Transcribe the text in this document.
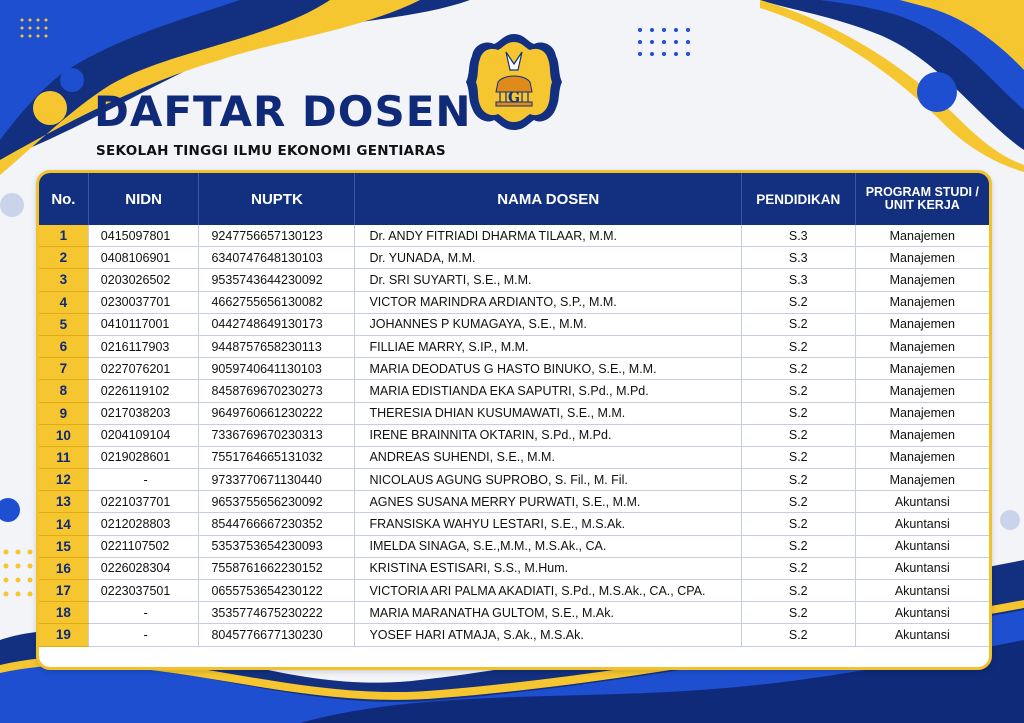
G
DAFTAR DOSEN

SEKOLAH TINGGI ILMU EKONOMI GENTIARAS

No.	NIDN	NUPTK	NAMA DOSEN	PENDIDIKAN	PROGRAM STUDI / UNIT KERJA
1	0415097801	9247756657130123	Dr. ANDY FITRIADI DHARMA TILAAR, M.M.	S.3	Manajemen
2	0408106901	6340747648130103	Dr. YUNADA, M.M.	S.3	Manajemen
3	0203026502	9535743644230092	Dr. SRI SUYARTI, S.E., M.M.	S.3	Manajemen
4	0230037701	4662755656130082	VICTOR MARINDRA ARDIANTO, S.P., M.M.	S.2	Manajemen
5	0410117001	0442748649130173	JOHANNES P KUMAGAYA, S.E., M.M.	S.2	Manajemen
6	0216117903	9448757658230113	FILLIAE MARRY, S.IP., M.M.	S.2	Manajemen
7	0227076201	9059740641130103	MARIA DEODATUS G HASTO BINUKO, S.E., M.M.	S.2	Manajemen
8	0226119102	8458769670230273	MARIA EDISTIANDA EKA SAPUTRI, S.Pd., M.Pd.	S.2	Manajemen
9	0217038203	9649760661230222	THERESIA DHIAN KUSUMAWATI, S.E., M.M.	S.2	Manajemen
10	0204109104	7336769670230313	IRENE BRAINNITA OKTARIN, S.Pd., M.Pd.	S.2	Manajemen
11	0219028601	7551764665131032	ANDREAS SUHENDI, S.E., M.M.	S.2	Manajemen
12	-	9733770671130440	NICOLAUS AGUNG SUPROBO, S. Fil., M. Fil.	S.2	Manajemen
13	0221037701	9653755656230092	AGNES SUSANA MERRY PURWATI, S.E., M.M.	S.2	Akuntansi
14	0212028803	8544766667230352	FRANSISKA WAHYU LESTARI, S.E., M.S.Ak.	S.2	Akuntansi
15	0221107502	5353753654230093	IMELDA SINAGA, S.E.,M.M., M.S.Ak., CA.	S.2	Akuntansi
16	0226028304	7558761662230152	KRISTINA ESTISARI, S.S., M.Hum.	S.2	Akuntansi
17	0223037501	0655753654230122	VICTORIA ARI PALMA AKADIATI, S.Pd., M.S.Ak., CA., CPA.	S.2	Akuntansi
18	-	3535774675230222	MARIA MARANATHA GULTOM, S.E., M.Ak.	S.2	Akuntansi
19	-	8045776677130230	YOSEF HARI ATMAJA, S.Ak., M.S.Ak.	S.2	Akuntansi
